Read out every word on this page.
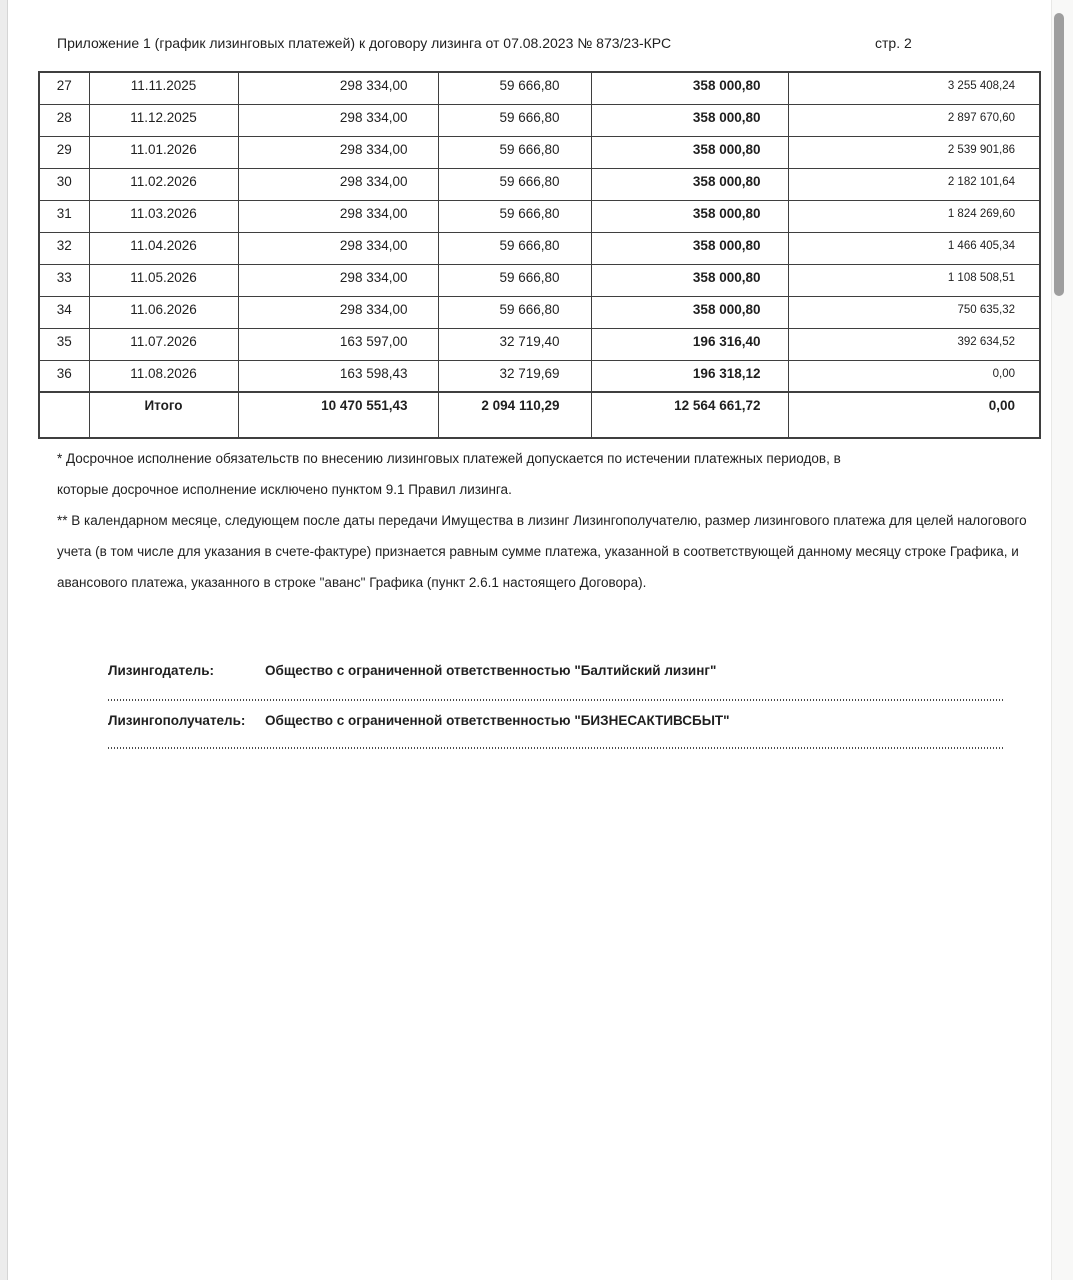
Приложение 1 (график лизинговых платежей) к договору лизинга от 07.08.2023 № 873/23-КРС	стр. 2
27	11.11.2025	298 334,00	59 666,80	358 000,80	3 255 408,24
28	11.12.2025	298 334,00	59 666,80	358 000,80	2 897 670,60
29	11.01.2026	298 334,00	59 666,80	358 000,80	2 539 901,86
30	11.02.2026	298 334,00	59 666,80	358 000,80	2 182 101,64
31	11.03.2026	298 334,00	59 666,80	358 000,80	1 824 269,60
32	11.04.2026	298 334,00	59 666,80	358 000,80	1 466 405,34
33	11.05.2026	298 334,00	59 666,80	358 000,80	1 108 508,51
34	11.06.2026	298 334,00	59 666,80	358 000,80	750 635,32
35	11.07.2026	163 597,00	32 719,40	196 316,40	392 634,52
36	11.08.2026	163 598,43	32 719,69	196 318,12	0,00
	Итого	10 470 551,43	2 094 110,29	12 564 661,72	0,00

* Досрочное исполнение обязательств по внесению лизинговых платежей допускается по истечении платежных периодов, в

которые досрочное исполнение исключено пунктом 9.1 Правил лизинга.

** В календарном месяце, следующем после даты передачи Имущества в лизинг Лизингополучателю, размер лизингового платежа для целей налогового

учета (в том числе для указания в счете-фактуре) признается равным сумме платежа, указанной в соответствующей данному месяцу строке Графика, и

авансового платежа, указанного в строке "аванс" Графика (пункт 2.6.1 настоящего Договора).

Лизингодатель:	Общество с ограниченной ответственностью "Балтийский лизинг"
Лизингополучатель:	Общество с ограниченной ответственностью "БИЗНЕСАКТИВСБЫТ"
